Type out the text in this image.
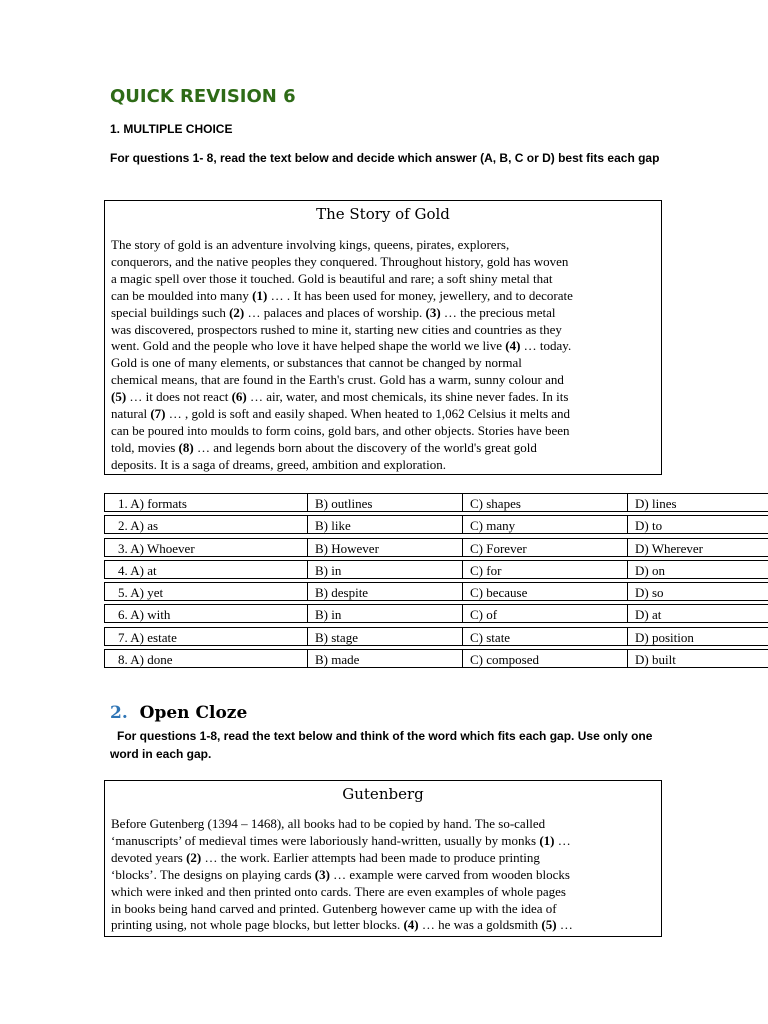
QUICK REVISION 6
1. MULTIPLE CHOICE
For questions 1- 8, read the text below and decide which answer (A, B, C or D) best fits each gap
The Story of Gold
The story of gold is an adventure involving kings, queens, pirates, explorers,
conquerors, and the native peoples they conquered. Throughout history, gold has woven
a magic spell over those it touched. Gold is beautiful and rare; a soft shiny metal that
can be moulded into many (1) … . It has been used for money, jewellery, and to decorate
special buildings such (2) … palaces and places of worship. (3) … the precious metal
was discovered, prospectors rushed to mine it, starting new cities and countries as they
went. Gold and the people who love it have helped shape the world we live (4) … today.
Gold is one of many elements, or substances that cannot be changed by normal
chemical means, that are found in the Earth's crust. Gold has a warm, sunny colour and
(5) … it does not react (6) … air, water, and most chemicals, its shine never fades. In its
natural (7) … , gold is soft and easily shaped. When heated to 1,062 Celsius it melts and
can be poured into moulds to form coins, gold bars, and other objects. Stories have been
told, movies (8) … and legends born about the discovery of the world's great gold
deposits. It is a saga of dreams, greed, ambition and exploration.
1. A) formats	B) outlines	C) shapes	D) lines
2. A) as	B) like	C) many	D) to
3. A) Whoever	B) However	C) Forever	D) Wherever
4. A) at	B) in	C) for	D) on
5. A) yet	B) despite	C) because	D) so
6. A) with	B) in	C) of	D) at
7. A) estate	B) stage	C) state	D) position
8. A) done	B) made	C) composed	D) built
2. Open Cloze
For questions 1-8, read the text below and think of the word which fits each gap. Use only one word in each gap.
Gutenberg
Before Gutenberg (1394 – 1468), all books had to be copied by hand. The so-called
‘manuscripts’ of medieval times were laboriously hand-written, usually by monks (1) …
devoted years (2) … the work. Earlier attempts had been made to produce printing
‘blocks’. The designs on playing cards (3) … example were carved from wooden blocks
which were inked and then printed onto cards. There are even examples of whole pages
in books being hand carved and printed. Gutenberg however came up with the idea of
printing using, not whole page blocks, but letter blocks. (4) … he was a goldsmith (5) …
